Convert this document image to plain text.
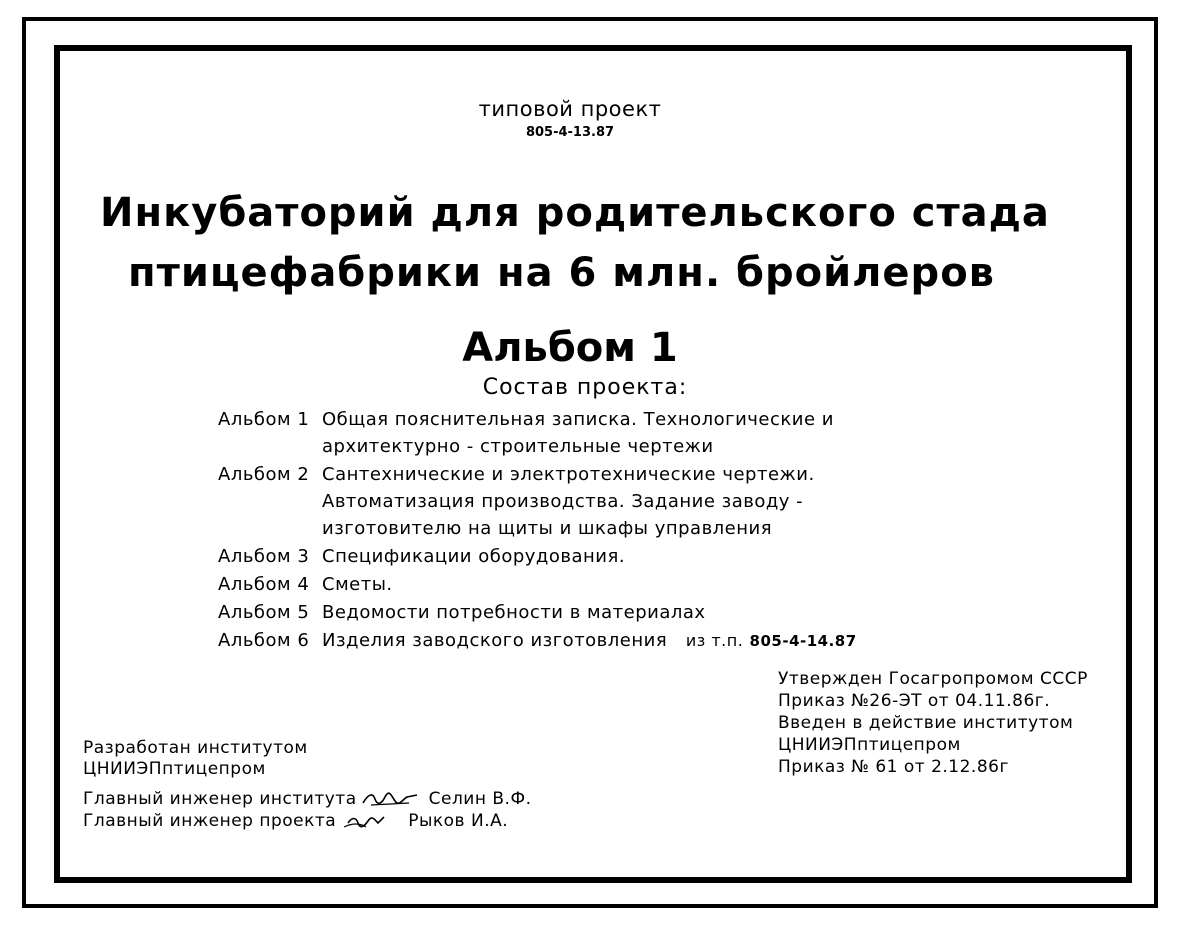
типовой проект
805-4-13.87
Инкубаторий для родительского стада
птицефабрики на 6 млн. бройлеров
Альбом 1
Состав проекта:
Альбом 1 Общая пояснительная записка. Технологические и
архитектурно - строительные чертежи
Альбом 2 Сантехнические и электротехнические чертежи.
Автоматизация производства. Задание заводу -
изготовителю на щиты и шкафы управления
Альбом 3 Спецификации оборудования.
Альбом 4 Сметы.
Альбом 5 Ведомости потребности в материалах
Альбом 6 Изделия заводского изготовления из т.п. 805-4-14.87
Утвержден Госагропромом СССР
Приказ №26-ЭТ от 04.11.86г.
Введен в действие институтом
ЦНИИЭПптицепром
Приказ № 61 от 2.12.86г
Разработан институтом
ЦНИИЭПптицепром
Главный инженер института	Селин В.Ф.
Главный инженер проекта	Рыков И.А.
